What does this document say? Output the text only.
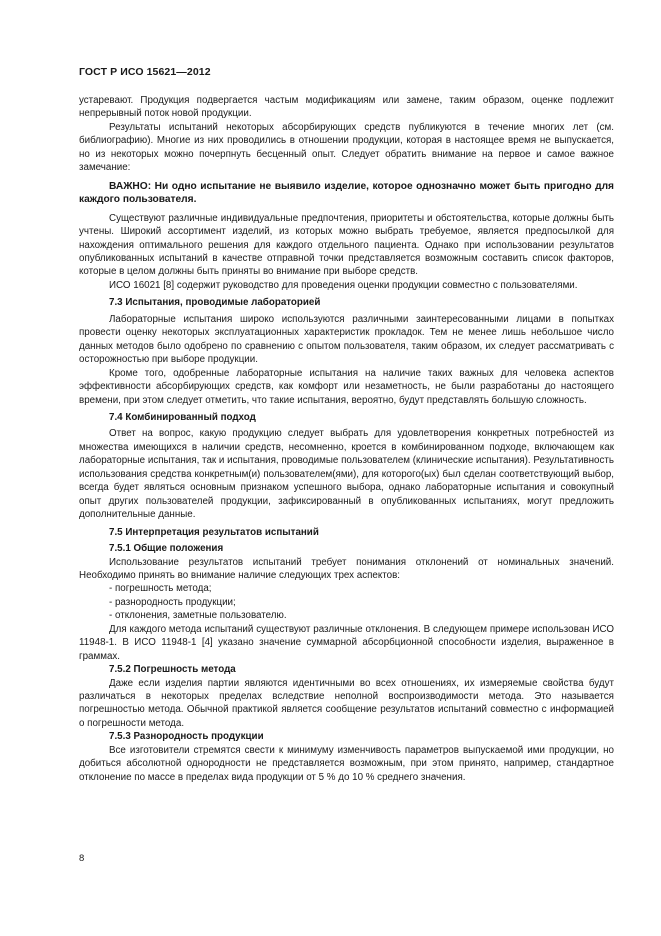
ГОСТ Р ИСО 15621—2012

устаревают. Продукция подвергается частым модификациям или замене, таким образом, оценке подлежит непрерывный поток новой продукции.

Результаты испытаний некоторых абсорбирующих средств публикуются в течение многих лет (см. библиографию). Многие из них проводились в отношении продукции, которая в настоящее время не выпускается, но из некоторых можно почерпнуть бесценный опыт. Следует обратить внимание на первое и самое важное замечание:

ВАЖНО: Ни одно испытание не выявило изделие, которое однозначно может быть пригодно для каждого пользователя.

Существуют различные индивидуальные предпочтения, приоритеты и обстоятельства, которые должны быть учтены. Широкий ассортимент изделий, из которых можно выбрать требуемое, является предпосылкой для нахождения оптимального решения для каждого отдельного пациента. Однако при использовании результатов опубликованных испытаний в качестве отправной точки представляется возможным составить список факторов, которые в целом должны быть приняты во внимание при выборе средств.

ИСО 16021 [8] содержит руководство для проведения оценки продукции совместно с пользователями.

7.3 Испытания, проводимые лабораторией

Лабораторные испытания широко используются различными заинтересованными лицами в попытках провести оценку некоторых эксплуатационных характеристик прокладок. Тем не менее лишь небольшое число данных методов было одобрено по сравнению с опытом пользователя, таким образом, их следует рассматривать с осторожностью при выборе продукции.

Кроме того, одобренные лабораторные испытания на наличие таких важных для человека аспектов эффективности абсорбирующих средств, как комфорт или незаметность, не были разработаны до настоящего времени, при этом следует отметить, что такие испытания, вероятно, будут представлять большую сложность.

7.4 Комбинированный подход

Ответ на вопрос, какую продукцию следует выбрать для удовлетворения конкретных потребностей из множества имеющихся в наличии средств, несомненно, кроется в комбинированном подходе, включающем как лабораторные испытания, так и испытания, проводимые пользователем (клинические испытания). Результативность использования средства конкретным(и) пользователем(ями), для которого(ых) был сделан соответствующий выбор, всегда будет являться основным признаком успешного выбора, однако лабораторные испытания и совокупный опыт других пользователей продукции, зафиксированный в опубликованных испытаниях, могут предложить дополнительные данные.

7.5 Интерпретация результатов испытаний

7.5.1 Общие положения

Использование результатов испытаний требует понимания отклонений от номинальных значений. Необходимо принять во внимание наличие следующих трех аспектов:

- погрешность метода;

- разнородность продукции;

- отклонения, заметные пользователю.

Для каждого метода испытаний существуют различные отклонения. В следующем примере использован ИСО 11948-1. В ИСО 11948-1 [4] указано значение суммарной абсорбционной способности изделия, выраженное в граммах.

7.5.2 Погрешность метода

Даже если изделия партии являются идентичными во всех отношениях, их измеряемые свойства будут различаться в некоторых пределах вследствие неполной воспроизводимости метода. Это называется погрешностью метода. Обычной практикой является сообщение результатов испытаний совместно с информацией о погрешности метода.

7.5.3 Разнородность продукции

Все изготовители стремятся свести к минимуму изменчивость параметров выпускаемой ими продукции, но добиться абсолютной однородности не представляется возможным, при этом принято, например, стандартное отклонение по массе в пределах вида продукции от 5 % до 10 % среднего значения.

8
